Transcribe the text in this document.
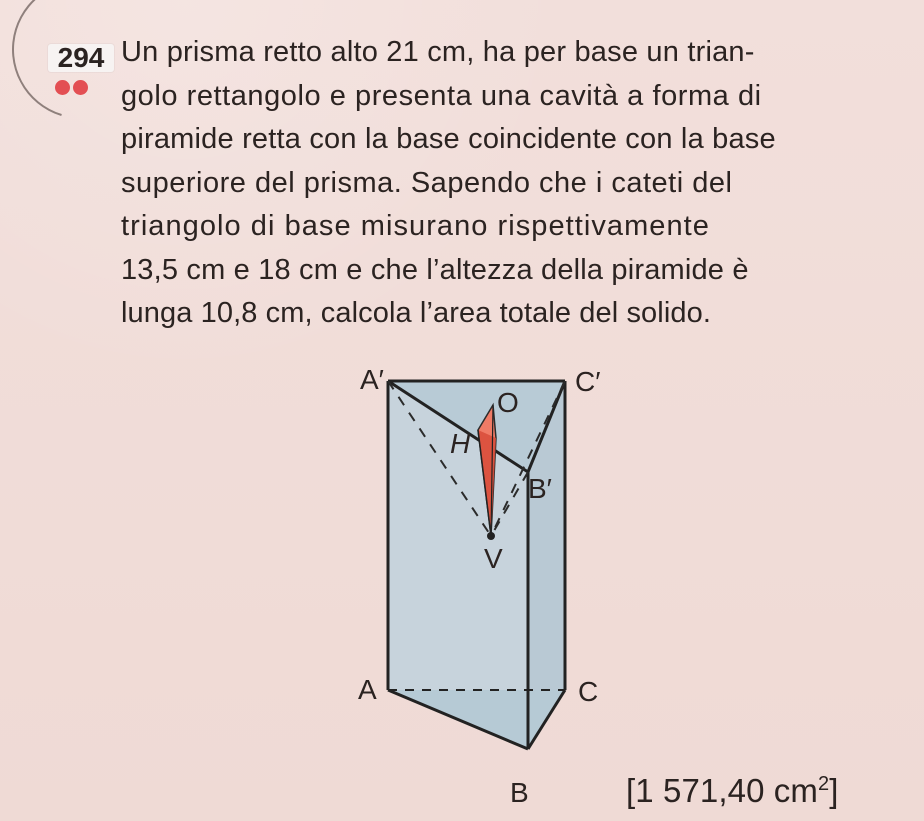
294 Un prisma retto alto 21 cm, ha per base un trian-
golo rettangolo e presenta una cavità a forma di
piramide retta con la base coincidente con la base
superiore del prisma. Sapendo che i cateti del
triangolo di base misurano rispettivamente
13,5 cm e 18 cm e che l’altezza della piramide è
lunga 10,8 cm, calcola l’area totale del solido.
A′	C′
O
H
B′
V
A	C
B	[1 571,40 $cm^2$]
